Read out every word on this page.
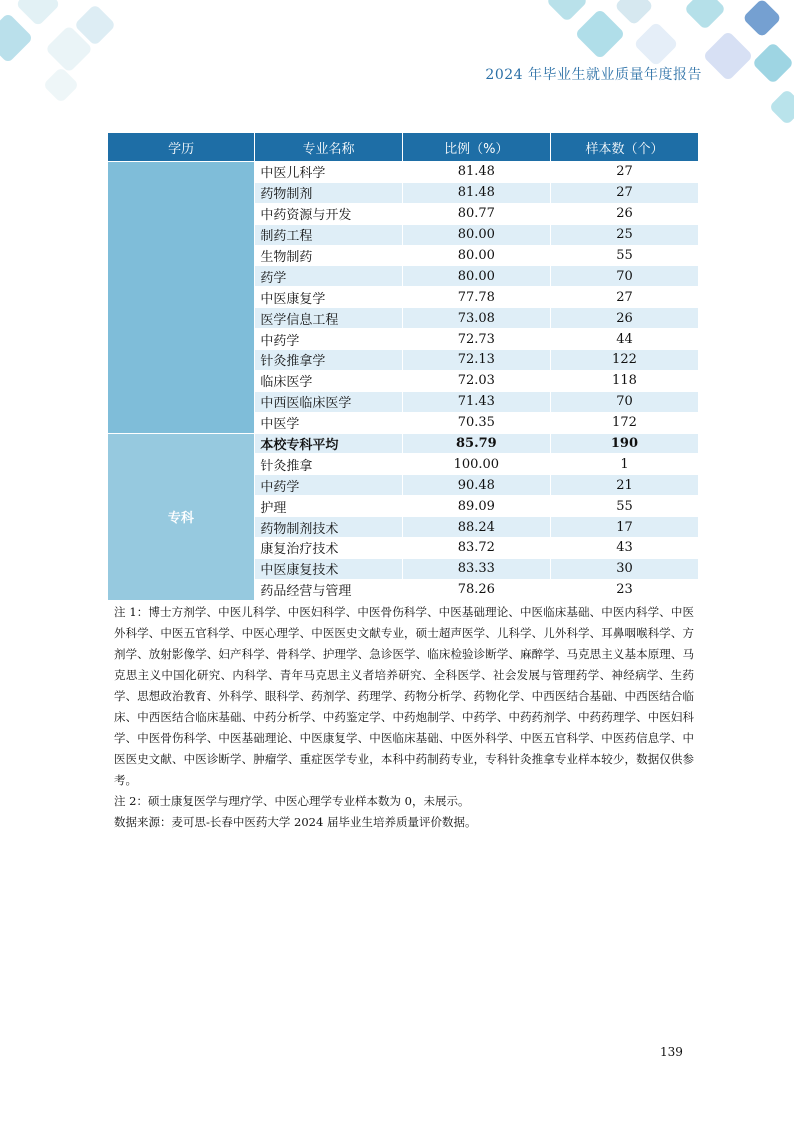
2024 年毕业生就业质量年度报告
学历	专业名称	比例（%）	样本数（个）
	中医儿科学	81.48	27
	药物制剂	81.48	27
	中药资源与开发	80.77	26
	制药工程	80.00	25
	生物制药	80.00	55
	药学	80.00	70
	中医康复学	77.78	27
	医学信息工程	73.08	26
	中药学	72.73	44
	针灸推拿学	72.13	122
	临床医学	72.03	118
	中西医临床医学	71.43	70
	中医学	70.35	172
专科	本校专科平均	85.79	190
	针灸推拿	100.00	1
	中药学	90.48	21
	护理	89.09	55
	药物制剂技术	88.24	17
	康复治疗技术	83.72	43
	中医康复技术	83.33	30
	药品经营与管理	78.26	23

注 1：博士方剂学、中医儿科学、中医妇科学、中医骨伤科学、中医基础理论、中医临床基础、中医内科学、中医外科学、中医五官科学、中医心理学、中医医史文献专业，硕士超声医学、儿科学、儿外科学、耳鼻咽喉科学、方剂学、放射影像学、妇产科学、骨科学、护理学、急诊医学、临床检验诊断学、麻醉学、马克思主义基本原理、马克思主义中国化研究、内科学、青年马克思主义者培养研究、全科医学、社会发展与管理药学、神经病学、生药学、思想政治教育、外科学、眼科学、药剂学、药理学、药物分析学、药物化学、中西医结合基础、中西医结合临床、中西医结合临床基础、中药分析学、中药鉴定学、中药炮制学、中药学、中药药剂学、中药药理学、中医妇科学、中医骨伤科学、中医基础理论、中医康复学、中医临床基础、中医外科学、中医五官科学、中医药信息学、中医医史文献、中医诊断学、肿瘤学、重症医学专业，本科中药制药专业，专科针灸推拿专业样本较少，数据仅供参考。

注 2：硕士康复医学与理疗学、中医心理学专业样本数为 0，未展示。

数据来源：麦可思-长春中医药大学 2024 届毕业生培养质量评价数据。

139
